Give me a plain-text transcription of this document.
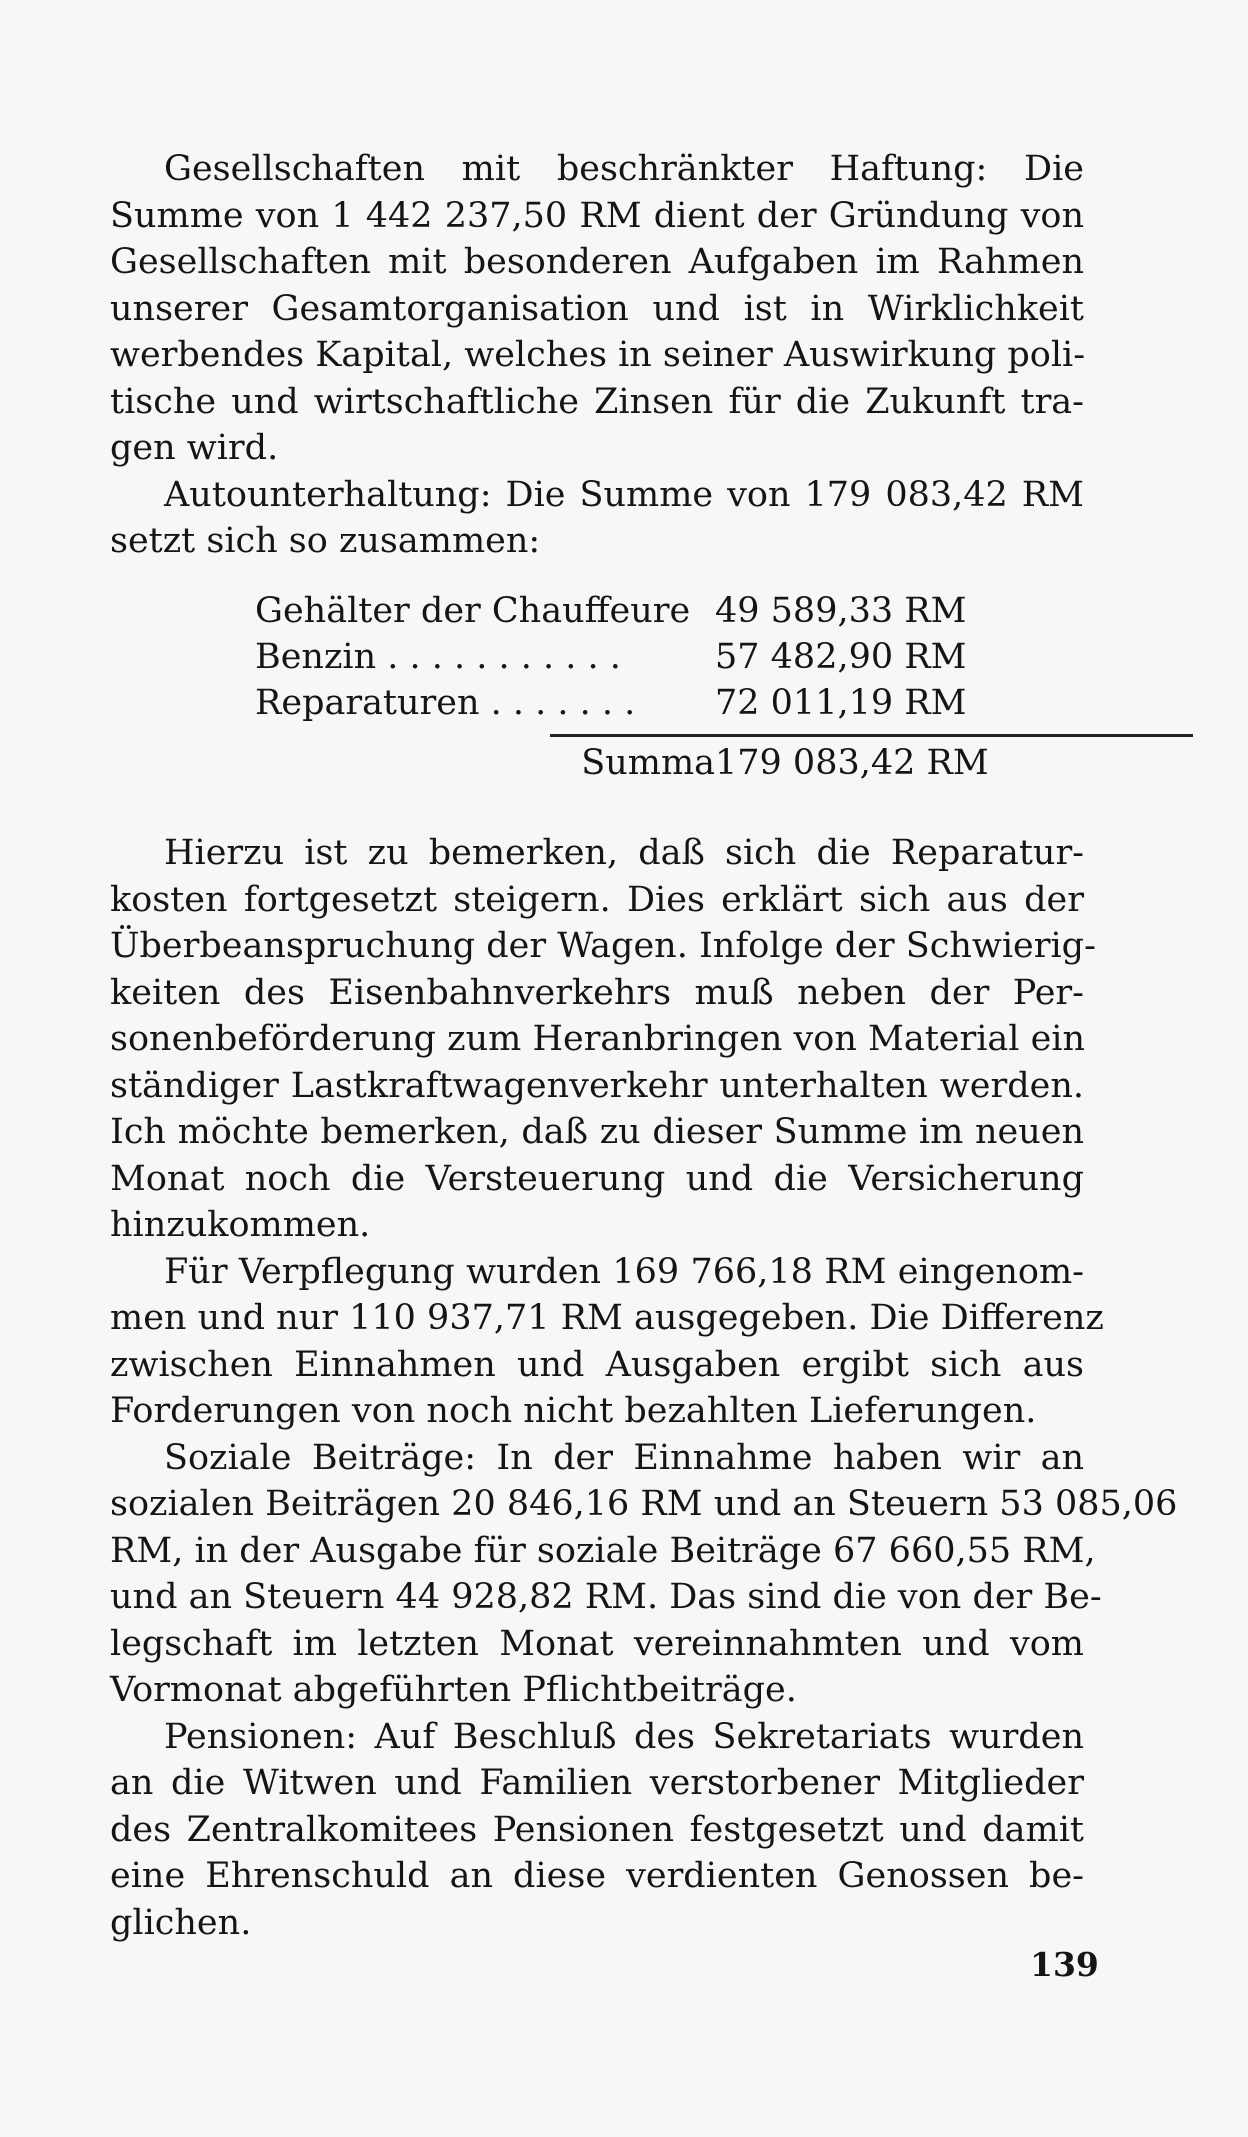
Gesellschaften mit beschränkter Haftung: Die
Summe von 1 442 237,50 RM dient der Gründung von
Gesellschaften mit besonderen Aufgaben im Rahmen
unserer Gesamtorganisation und ist in Wirklichkeit
werbendes Kapital, welches in seiner Auswirkung poli-
tische und wirtschaftliche Zinsen für die Zukunft tra-
gen wird.

Autounterhaltung: Die Summe von 179 083,42 RM
setzt sich so zusammen:

Gehälter der Chauffeure 49 589,33 RM
Benzin . . . . . . . . . . .	57 482,90 RM
Reparaturen . . . . . . .	72 011,19 RM
Summa 179 083,42 RM

Hierzu ist zu bemerken, daß sich die Reparatur-
kosten fortgesetzt steigern. Dies erklärt sich aus der
Überbeanspruchung der Wagen. Infolge der Schwierig-
keiten des Eisenbahnverkehrs muß neben der Per-
sonenbeförderung zum Heranbringen von Material ein
ständiger Lastkraftwagenverkehr unterhalten werden.
Ich möchte bemerken, daß zu dieser Summe im neuen
Monat noch die Versteuerung und die Versicherung
hinzukommen.

Für Verpflegung wurden 169 766,18 RM eingenom-
men und nur 110 937,71 RM ausgegeben. Die Differenz
zwischen Einnahmen und Ausgaben ergibt sich aus
Forderungen von noch nicht bezahlten Lieferungen.

Soziale Beiträge: In der Einnahme haben wir an
sozialen Beiträgen 20 846,16 RM und an Steuern 53 085,06
RM, in der Ausgabe für soziale Beiträge 67 660,55 RM,
und an Steuern 44 928,82 RM. Das sind die von der Be-
legschaft im letzten Monat vereinnahmten und vom
Vormonat abgeführten Pflichtbeiträge.

Pensionen: Auf Beschluß des Sekretariats wurden
an die Witwen und Familien verstorbener Mitglieder
des Zentralkomitees Pensionen festgesetzt und damit
eine Ehrenschuld an diese verdienten Genossen be-
glichen.

139
